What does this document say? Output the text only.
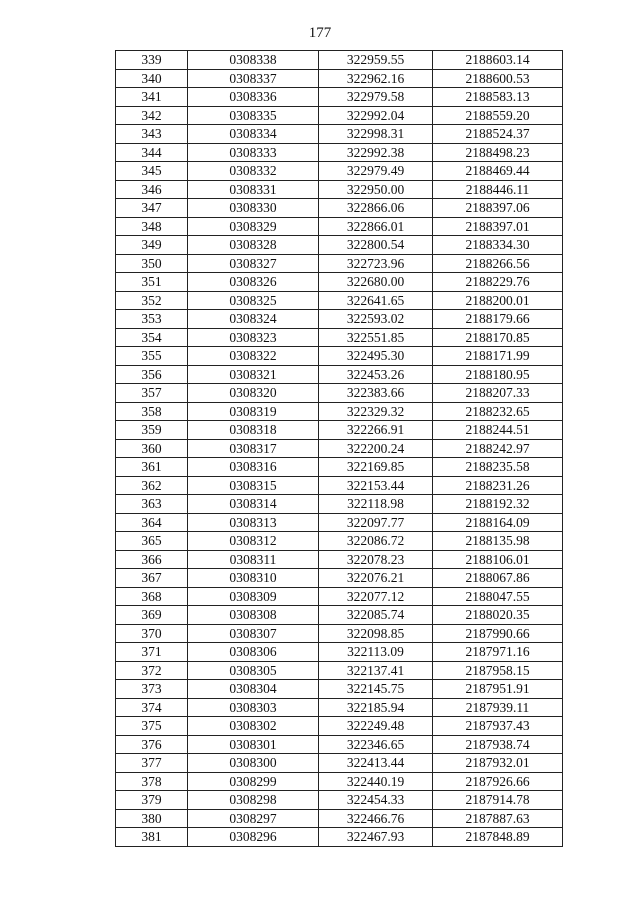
177
339	0308338	322959.55	2188603.14
340	0308337	322962.16	2188600.53
341	0308336	322979.58	2188583.13
342	0308335	322992.04	2188559.20
343	0308334	322998.31	2188524.37
344	0308333	322992.38	2188498.23
345	0308332	322979.49	2188469.44
346	0308331	322950.00	2188446.11
347	0308330	322866.06	2188397.06
348	0308329	322866.01	2188397.01
349	0308328	322800.54	2188334.30
350	0308327	322723.96	2188266.56
351	0308326	322680.00	2188229.76
352	0308325	322641.65	2188200.01
353	0308324	322593.02	2188179.66
354	0308323	322551.85	2188170.85
355	0308322	322495.30	2188171.99
356	0308321	322453.26	2188180.95
357	0308320	322383.66	2188207.33
358	0308319	322329.32	2188232.65
359	0308318	322266.91	2188244.51
360	0308317	322200.24	2188242.97
361	0308316	322169.85	2188235.58
362	0308315	322153.44	2188231.26
363	0308314	322118.98	2188192.32
364	0308313	322097.77	2188164.09
365	0308312	322086.72	2188135.98
366	0308311	322078.23	2188106.01
367	0308310	322076.21	2188067.86
368	0308309	322077.12	2188047.55
369	0308308	322085.74	2188020.35
370	0308307	322098.85	2187990.66
371	0308306	322113.09	2187971.16
372	0308305	322137.41	2187958.15
373	0308304	322145.75	2187951.91
374	0308303	322185.94	2187939.11
375	0308302	322249.48	2187937.43
376	0308301	322346.65	2187938.74
377	0308300	322413.44	2187932.01
378	0308299	322440.19	2187926.66
379	0308298	322454.33	2187914.78
380	0308297	322466.76	2187887.63
381	0308296	322467.93	2187848.89
